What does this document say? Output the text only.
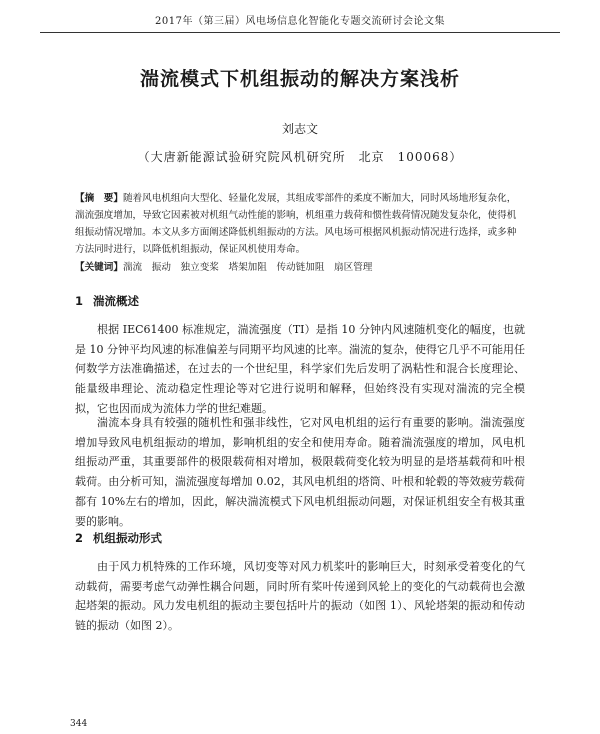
2017年（第三届）风电场信息化智能化专题交流研讨会论文集
湍流模式下机组振动的解决方案浅析
刘志文
（大唐新能源试验研究院风机研究所　北京　100068）

【摘　要】随着风电机组向大型化、轻量化发展，其组成零部件的柔度不断加大，同时风场地形复杂化，湍流强度增加，导致它因素被对机组气动性能的影响，机组重力载荷和惯性载荷情况随发复杂化，使得机组振动情况增加。本文从多方面阐述降低机组振动的方法。风电场可根据风机振动情况进行选择，或多种方法同时进行，以降低机组振动，保证风机使用寿命。

【关键词】湍流　振动　独立变桨　塔架加阻　传动链加阻　扇区管理

1 湍流概述

根据 IEC61400 标准规定，湍流强度（TI）是指 10 分钟内风速随机变化的幅度，也就是 10 分钟平均风速的标准偏差与同期平均风速的比率。湍流的复杂，使得它几乎不可能用任何数学方法准确描述，在过去的一个世纪里，科学家们先后发明了涡粘性和混合长度理论、能量级串理论、流动稳定性理论等对它进行说明和解释，但始终没有实现对湍流的完全模拟，它也因而成为流体力学的世纪难题。

湍流本身具有较强的随机性和强非线性，它对风电机组的运行有重要的影响。湍流强度增加导致风电机组振动的增加，影响机组的安全和使用寿命。随着湍流强度的增加，风电机组振动严重，其重要部件的极限载荷相对增加，极限载荷变化较为明显的是塔基载荷和叶根载荷。由分析可知，湍流强度每增加 0.02，其风电机组的塔筒、叶根和轮毂的等效疲劳载荷都有 10%左右的增加，因此，解决湍流模式下风电机组振动问题，对保证机组安全有极其重要的影响。

2 机组振动形式

由于风力机特殊的工作环境，风切变等对风力机桨叶的影响巨大，时刻承受着变化的气动载荷，需要考虑气动弹性耦合问题，同时所有桨叶传递到风轮上的变化的气动载荷也会激起塔架的振动。风力发电机组的振动主要包括叶片的振动（如图 1）、风轮塔架的振动和传动链的振动（如图 2）。

344
